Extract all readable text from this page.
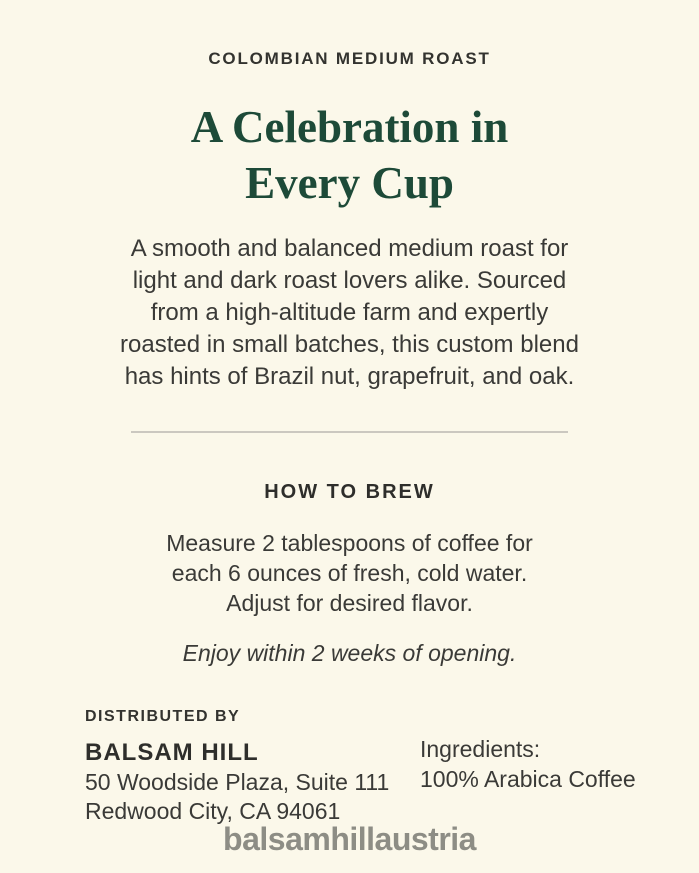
COLOMBIAN MEDIUM ROAST
A Celebration in
Every Cup

A smooth and balanced medium roast for
light and dark roast lovers alike. Sourced
from a high-altitude farm and expertly
roasted in small batches, this custom blend
has hints of Brazil nut, grapefruit, and oak.

HOW TO BREW

Measure 2 tablespoons of coffee for
each 6 ounces of fresh, cold water.
Adjust for desired flavor.

Enjoy within 2 weeks of opening.

DISTRIBUTED BY
BALSAM HILL
50 Woodside Plaza, Suite 111
Redwood City, CA 94061
Ingredients:
100% Arabica Coffee
balsamhillaustria
